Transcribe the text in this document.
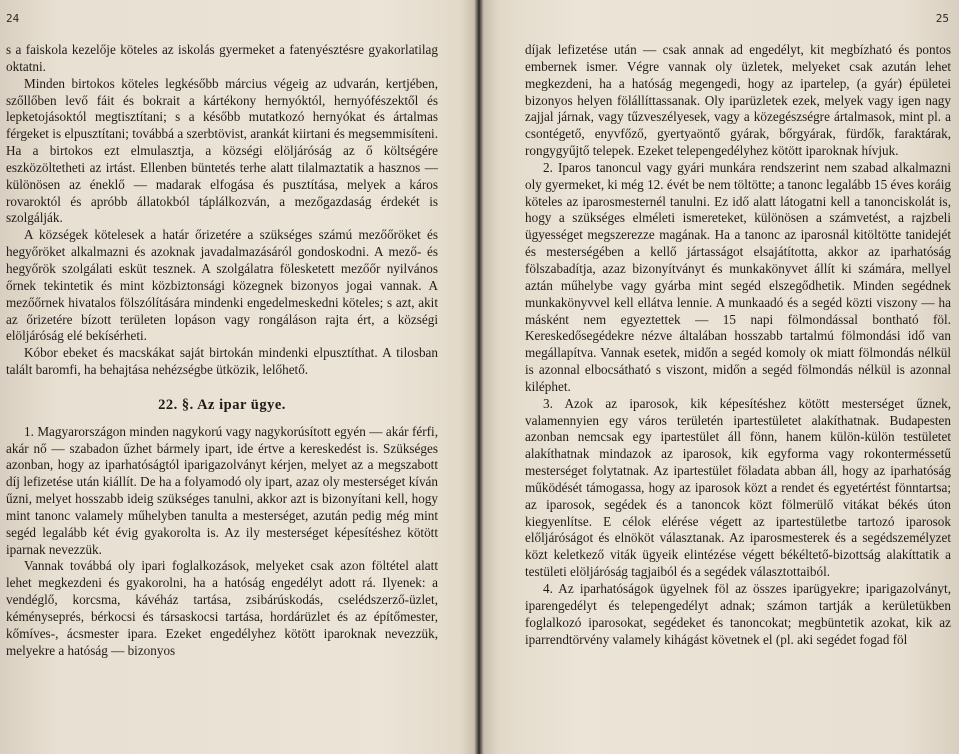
24

s a faiskola kezelője köteles az iskolás gyermeket a fatenyésztésre gyakorlatilag oktatni.

Minden birtokos köteles legkésőbb március végeig az udvarán, kertjében, szőllőben levő fáit és bokrait a kártékony hernyóktól, hernyófészektől és lepketojásoktól megtisztítani; s a később mutatkozó hernyókat és ártalmas férgeket is elpusztítani; továbbá a szerbtövist, arankát kiirtani és megsemmisíteni. Ha a birtokos ezt elmulasztja, a községi elöljáróság az ő költségére eszközöltetheti az irtást. Ellenben büntetés terhe alatt tilalmaztatik a hasznos — különösen az éneklő — madarak elfogása és pusztítása, melyek a káros rovaroktól és apróbb állatokból táplálkozván, a mezőgazdaság érdekét is szolgálják.

A községek kötelesek a határ őrizetére a szükséges számú mezőőröket és hegyőröket alkalmazni és azoknak javadalmazásáról gondoskodni. A mező- és hegyőrök szolgálati esküt tesznek. A szolgálatra fölesketett mezőőr nyilvános őrnek tekintetik és mint közbiztonsági közegnek bizonyos jogai vannak. A mezőőrnek hivatalos fölszólítására mindenki engedelmeskedni köteles; s azt, akit az őrizetére bízott területen lopáson vagy rongáláson rajta ért, a községi elöljáróság elé bekísérheti.

Kóbor ebeket és macskákat saját birtokán mindenki elpusztíthat. A tilosban talált baromfi, ha behajtása nehézségbe ütközik, lelőhető.

22. §. Az ipar ügye.

1. Magyarországon minden nagykorú vagy nagykorúsított egyén — akár férfi, akár nő — szabadon űzhet bármely ipart, ide értve a kereskedést is. Szükséges azonban, hogy az iparhatóságtól iparigazolványt kérjen, melyet az a megszabott díj lefizetése után kiállít. De ha a folyamodó oly ipart, azaz oly mesterséget kíván űzni, melyet hosszabb ideig szükséges tanulni, akkor azt is bizonyítani kell, hogy mint tanonc valamely műhelyben tanulta a mesterséget, azután pedig még mint segéd legalább két évig gyakorolta is. Az ily mesterséget képesítéshez kötött iparnak nevezzük.

Vannak továbbá oly ipari foglalkozások, melyeket csak azon föltétel alatt lehet megkezdeni és gyakorolni, ha a hatóság engedélyt adott rá. Ilyenek: a vendéglő, korcsma, kávéház tartása, zsibárúskodás, cselédszerző-üzlet, kéményseprés, bérkocsi és társaskocsi tartása, hordárüzlet és az építőmester, kőmíves-, ácsmester ipara. Ezeket engedélyhez kötött iparoknak nevezzük, melyekre a hatóság — bizonyos

25

díjak lefizetése után — csak annak ad engedélyt, kit megbízható és pontos embernek ismer. Végre vannak oly üzletek, melyeket csak azután lehet megkezdeni, ha a hatóság megengedi, hogy az ipartelep, (a gyár) épületei bizonyos helyen fölállíttassanak. Oly iparüzletek ezek, melyek vagy igen nagy zajjal járnak, vagy tűzveszélyesek, vagy a közegészségre ártalmasok, mint pl. a csontégető, enyvfőző, gyertyaöntő gyárak, bőrgyárak, fürdők, faraktárak, rongygyűjtő telepek. Ezeket telepengedélyhez kötött iparoknak hívjuk.

2. Iparos tanoncul vagy gyári munkára rendszerint nem szabad alkalmazni oly gyermeket, ki még 12. évét be nem töltötte; a tanonc legalább 15 éves koráig köteles az iparosmesternél tanulni. Ez idő alatt látogatni kell a tanonciskolát is, hogy a szükséges elméleti ismereteket, különösen a számvetést, a rajzbeli ügyességet megszerezze magának. Ha a tanonc az iparosnál kitöltötte tanidejét és mesterségében a kellő jártasságot elsajátította, akkor az iparhatóság fölszabadítja, azaz bizonyítványt és munkakönyvet állít ki számára, mellyel aztán műhelybe vagy gyárba mint segéd elszegődhetik. Minden segédnek munkakönyvvel kell ellátva lennie. A munkaadó és a segéd közti viszony — ha másként nem egyeztettek — 15 napi fölmondással bontható föl. Kereskedősegédekre nézve általában hosszabb tartalmú fölmondási idő van megállapítva. Vannak esetek, midőn a segéd komoly ok miatt fölmondás nélkül is azonnal elbocsátható s viszont, midőn a segéd fölmondás nélkül is azonnal kiléphet.

3. Azok az iparosok, kik képesítéshez kötött mesterséget űznek, valamennyien egy város területén ipartestületet alakíthatnak. Budapesten azonban nemcsak egy ipartestület áll fönn, hanem külön-külön testületet alakíthatnak mindazok az iparosok, kik egyforma vagy rokonterméssetű mesterséget folytatnak. Az ipartestület föladata abban áll, hogy az iparhatóság működését támogassa, hogy az iparosok közt a rendet és egyetértést fönntartsa; az iparosok, segédek és a tanoncok közt fölmerülő vitákat békés úton kiegyenlítse. E célok elérése végett az ipartestületbe tartozó iparosok előljáróságot és elnököt választanak. Az iparosmesterek és a segédszemélyzet közt keletkező viták ügyeik elintézése végett békéltető-bizottság alakíttatik a testületi elöljáróság tagjaiból és a segédek választottaiból.

4. Az iparhatóságok ügyelnek föl az összes iparügyekre; iparigazolványt, iparengedélyt és telepengedélyt adnak; számon tartják a kerületükben foglalkozó iparosokat, segédeket és tanoncokat; megbüntetik azokat, kik az iparrendtörvény valamely kihágást követnek el (pl. aki segédet fogad föl
